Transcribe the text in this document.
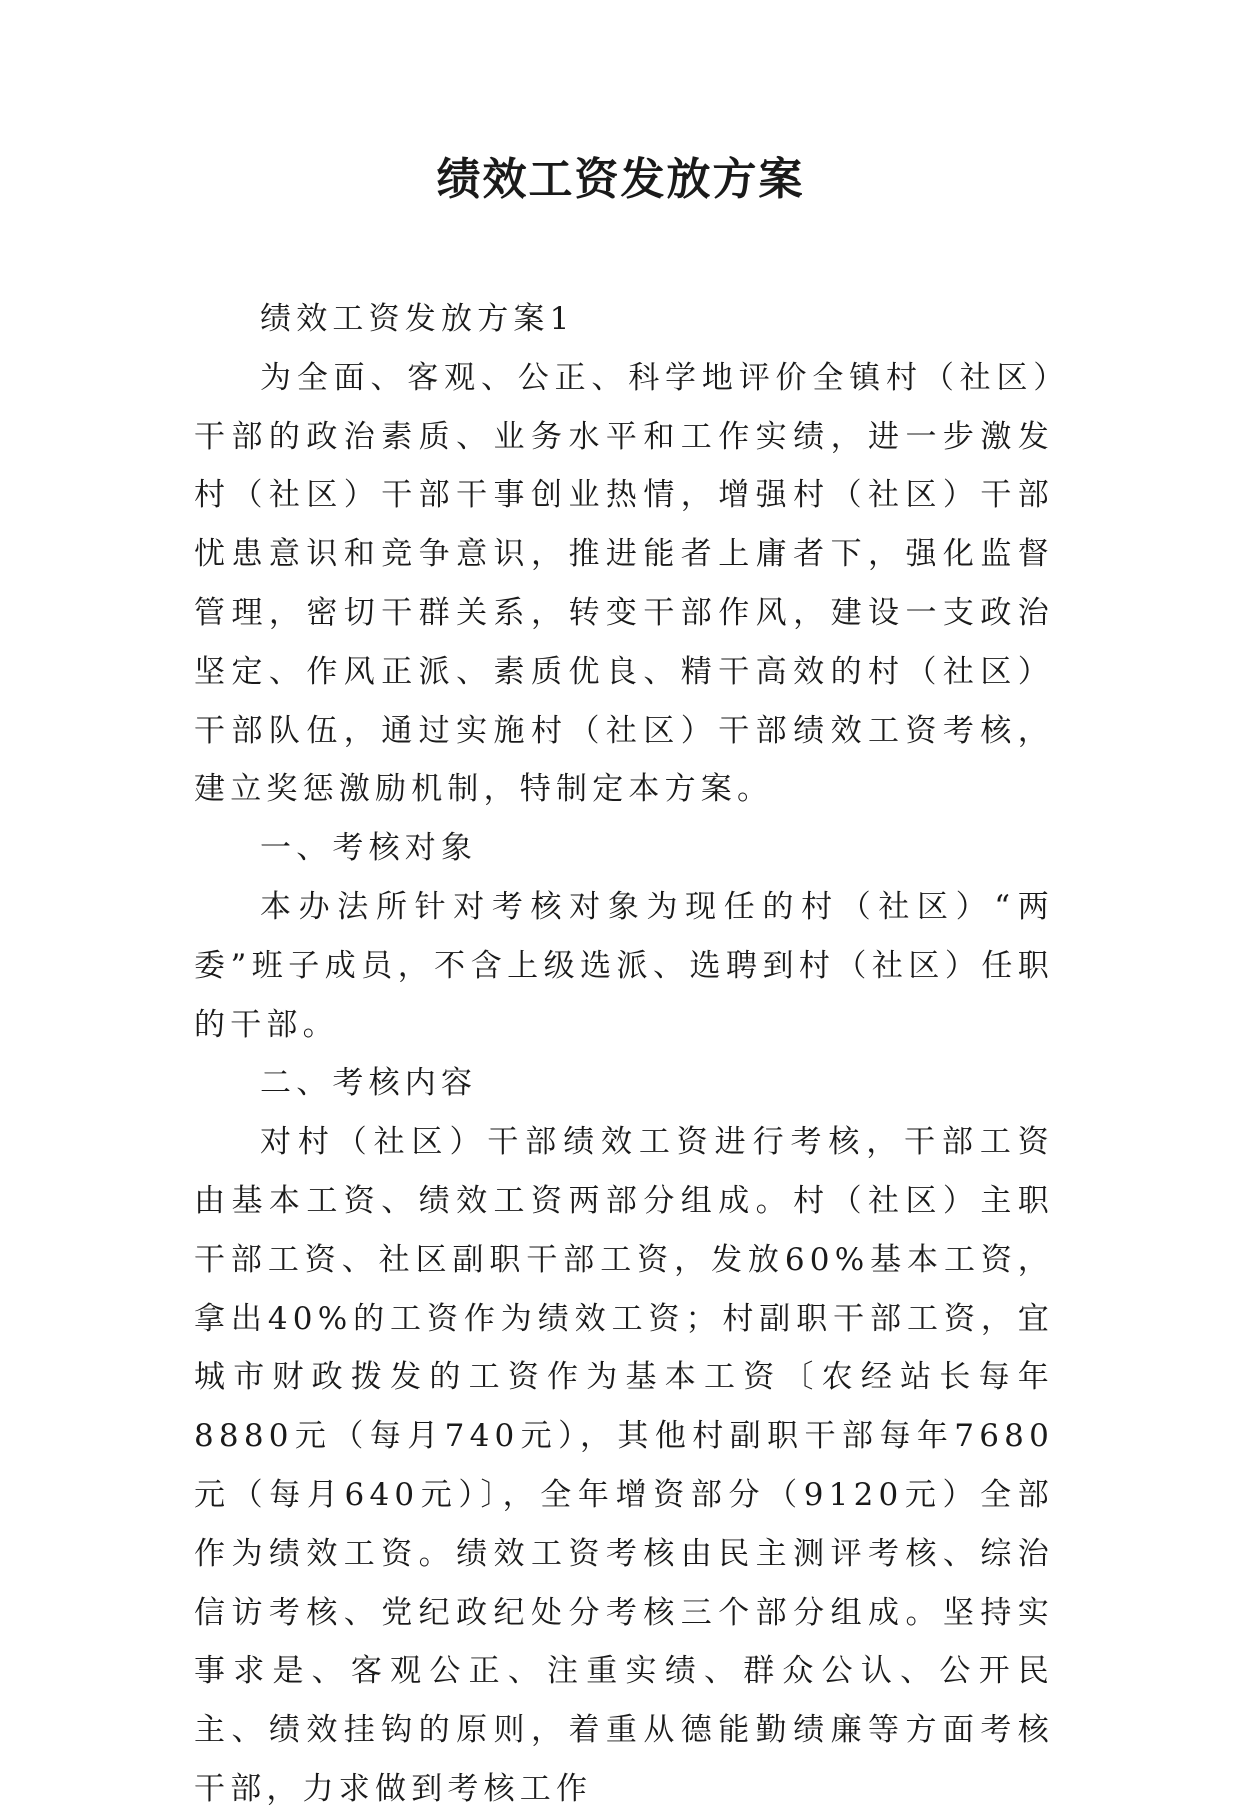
绩效工资发放方案

绩效工资发放方案1

为全面、客观、公正、科学地评价全镇村（社区）干部的政治素质、业务水平和工作实绩，进一步激发村（社区）干部干事创业热情，增强村（社区）干部忧患意识和竞争意识，推进能者上庸者下，强化监督管理，密切干群关系，转变干部作风，建设一支政治坚定、作风正派、素质优良、精干高效的村（社区）干部队伍，通过实施村（社区）干部绩效工资考核，建立奖惩激励机制，特制定本方案。

一、考核对象

本办法所针对考核对象为现任的村（社区）“两委”班子成员，不含上级选派、选聘到村（社区）任职的干部。

二、考核内容

对村（社区）干部绩效工资进行考核，干部工资由基本工资、绩效工资两部分组成。村（社区）主职干部工资、社区副职干部工资，发放60%基本工资，拿出40%的工资作为绩效工资；村副职干部工资，宜城市财政拨发的工资作为基本工资〔农经站长每年8880元（每月740元），其他村副职干部每年7680元（每月640元）〕，全年增资部分（9120元）全部作为绩效工资。绩效工资考核由民主测评考核、综治信访考核、党纪政纪处分考核三个部分组成。坚持实事求是、客观公正、注重实绩、群众公认、公开民主、绩效挂钩的原则，着重从德能勤绩廉等方面考核干部，力求做到考核工作
